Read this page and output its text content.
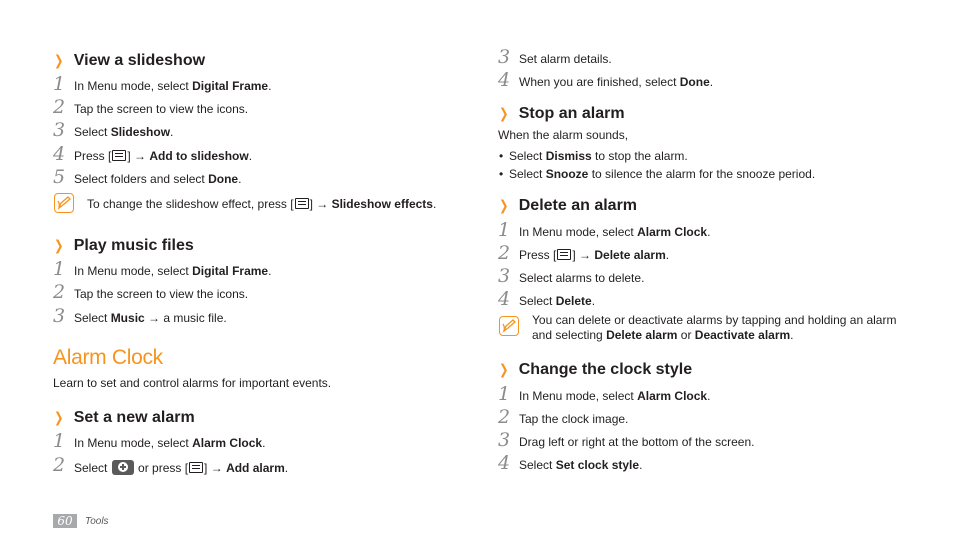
❯ View a slideshow
1 In Menu mode, select Digital Frame.
2 Tap the screen to view the icons.
3 Select Slideshow.
4 Press [ ] → Add to slideshow.
5 Select folders and select Done.
To change the slideshow effect, press [ ] → Slideshow effects.
❯ Play music files
1 In Menu mode, select Digital Frame.
2 Tap the screen to view the icons.
3 Select Music → a music file.
Alarm Clock
Learn to set and control alarms for important events.
❯ Set a new alarm
1 In Menu mode, select Alarm Clock.
2 Select
or press [ ] → Add alarm.
3 Set alarm details.
4 When you are finished, select Done.
❯ Stop an alarm
When the alarm sounds,
• Select Dismiss to stop the alarm.
• Select Snooze to silence the alarm for the snooze period.
❯ Delete an alarm
1 In Menu mode, select Alarm Clock.
2 Press [ ] → Delete alarm.
3 Select alarms to delete.
4 Select Delete.
You can delete or deactivate alarms by tapping and holding an alarm
and selecting Delete alarm or Deactivate alarm.
❯ Change the clock style
1 In Menu mode, select Alarm Clock.
2 Tap the clock image.
3 Drag left or right at the bottom of the screen.
4 Select Set clock style.
60	Tools
